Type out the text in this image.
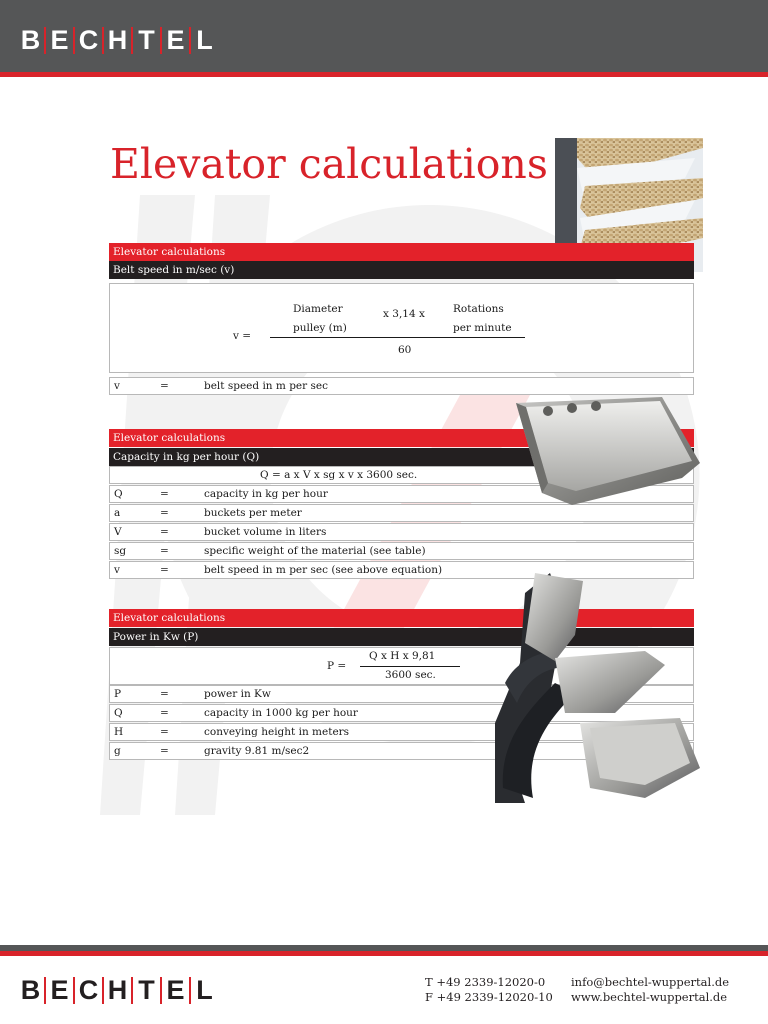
B E C H T E L
Elevator calculations
Elevator calculations
Belt speed in m/sec (v)
v =
Diameter
pulley (m)
x 3,14 x	Rotations
per minute
60
v	=	belt speed in m per sec
Elevator calculations
Capacity in kg per hour (Q)
Q = a x V x sg x v x 3600 sec.
Q	=	capacity in kg per hour
a	=	buckets per meter
V	=	bucket volume in liters
sg	=	specific weight of the material (see table)
v	=	belt speed in m per sec (see above equation)
Elevator calculations
Power in Kw (P)
P =
Q x H x 9,81
3600 sec.
P	=	power in Kw
Q	=	capacity in 1000 kg per hour
H	=	conveying height in meters
g	=	gravity 9.81 m/sec2
B E C H T E L	T +49 2339-12020-0
F +49 2339-12020-10
info@bechtel-wuppertal.de
www.bechtel-wuppertal.de
